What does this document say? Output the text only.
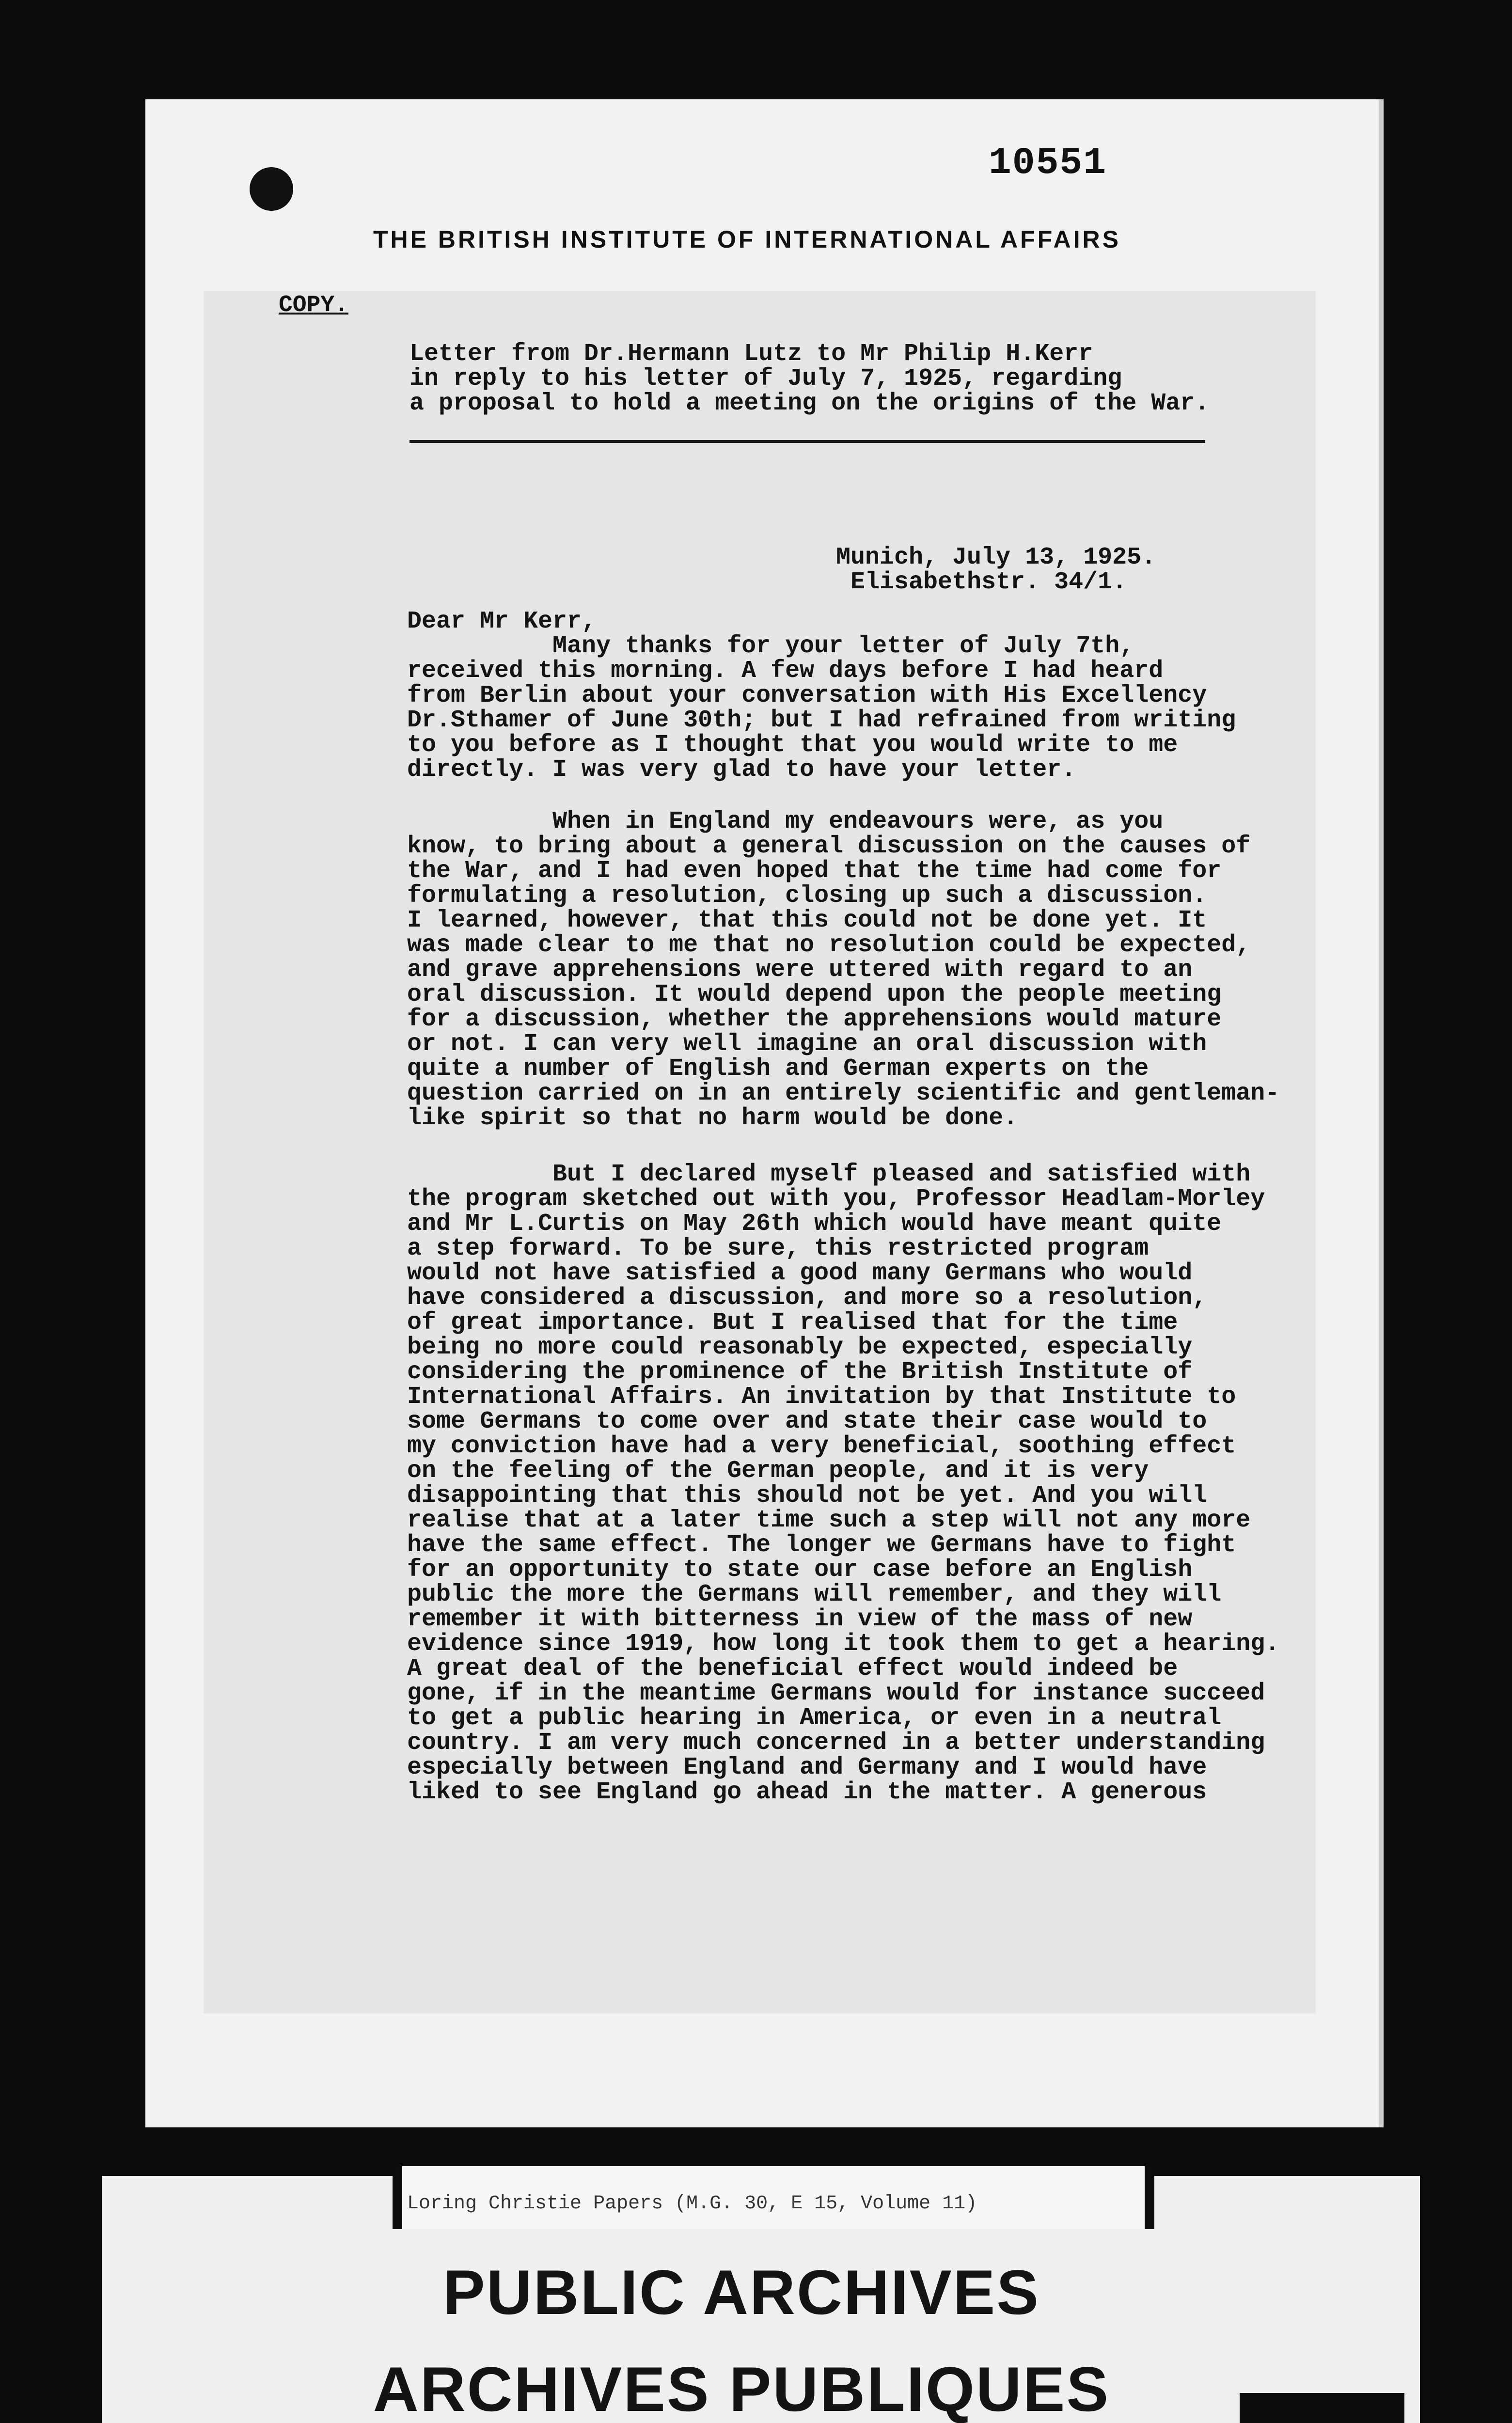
10551
THE BRITISH INSTITUTE OF INTERNATIONAL AFFAIRS
COPY.
Letter from Dr.Hermann Lutz to Mr Philip H.Kerr
in reply to his letter of July 7, 1925, regarding
a proposal to hold a meeting on the origins of the War.
Munich, July 13, 1925.
Elisabethstr. 34/1.
Dear Mr Kerr,
Many thanks for your letter of July 7th,
received this morning. A few days before I had heard
from Berlin about your conversation with His Excellency
Dr.Sthamer of June 30th; but I had refrained from writing
to you before as I thought that you would write to me
directly. I was very glad to have your letter.
When in England my endeavours were, as you
know, to bring about a general discussion on the causes of
the War, and I had even hoped that the time had come for
formulating a resolution, closing up such a discussion.
I learned, however, that this could not be done yet. It
was made clear to me that no resolution could be expected,
and grave apprehensions were uttered with regard to an
oral discussion. It would depend upon the people meeting
for a discussion, whether the apprehensions would mature
or not. I can very well imagine an oral discussion with
quite a number of English and German experts on the
question carried on in an entirely scientific and gentleman-
like spirit so that no harm would be done.
But I declared myself pleased and satisfied with
the program sketched out with you, Professor Headlam-Morley
and Mr L.Curtis on May 26th which would have meant quite
a step forward. To be sure, this restricted program
would not have satisfied a good many Germans who would
have considered a discussion, and more so a resolution,
of great importance. But I realised that for the time
being no more could reasonably be expected, especially
considering the prominence of the British Institute of
International Affairs. An invitation by that Institute to
some Germans to come over and state their case would to
my conviction have had a very beneficial, soothing effect
on the feeling of the German people, and it is very
disappointing that this should not be yet. And you will
realise that at a later time such a step will not any more
have the same effect. The longer we Germans have to fight
for an opportunity to state our case before an English
public the more the Germans will remember, and they will
remember it with bitterness in view of the mass of new
evidence since 1919, how long it took them to get a hearing.
A great deal of the beneficial effect would indeed be
gone, if in the meantime Germans would for instance succeed
to get a public hearing in America, or even in a neutral
country. I am very much concerned in a better understanding
especially between England and Germany and I would have
liked to see England go ahead in the matter. A generous
Loring Christie Papers (M.G. 30, E 15, Volume 11)
PUBLIC ARCHIVES
ARCHIVES PUBLIQUES
